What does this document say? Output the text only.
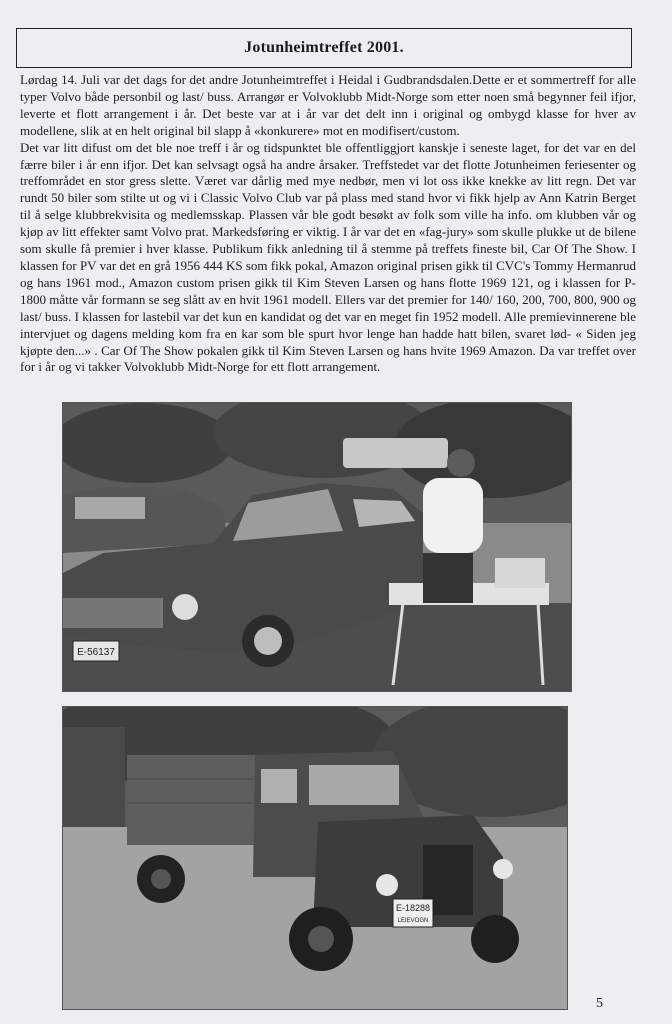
Jotunheimtreffet 2001.

Lørdag 14. Juli var det dags for det andre Jotunheimtreffet i Heidal i Gudbrandsdalen.Dette er et sommertreff for alle typer Volvo både personbil og last/ buss. Arrangør er Volvoklubb Midt-Norge som etter noen små begynner feil ifjor, leverte et flott arrangement i år. Det beste var at i år var det delt inn i original og ombygd klasse for hver av modellene, slik at en helt original bil slapp å «konkurere» mot en modifisert/custom.

Det var litt difust om det ble noe treff i år og tidspunktet ble offentliggjort kanskje i seneste laget, for det var en del færre biler i år enn ifjor. Det kan selvsagt også ha andre årsaker. Treffstedet var det flotte Jotunheimen feriesenter og treffområdet en stor gress slette. Været var dårlig med mye nedbør, men vi lot oss ikke knekke av litt regn. Det var rundt 50 biler som stilte ut og vi i Classic Volvo Club var på plass med stand hvor vi fikk hjelp av Ann Katrin Berget til å selge klubbrekvisita og medlemsskap. Plassen vår ble godt besøkt av folk som ville ha info. om klubben vår og kjøp av litt effekter samt Volvo prat. Markedsføring er viktig. I år var det en «fag-jury» som skulle plukke ut de bilene som skulle få premier i hver klasse. Publikum fikk anledning til å stemme på treffets fineste bil, Car Of The Show. I klassen for PV var det en grå 1956 444 KS som fikk pokal, Amazon original prisen gikk til CVC's Tommy Hermanrud og hans 1961 mod., Amazon custom prisen gikk til Kim Steven Larsen og hans flotte 1969 121, og i klassen for P-1800 måtte vår formann se seg slått av en hvit 1961 modell. Ellers var det premier for 140/ 160, 200, 700, 800, 900 og last/ buss. I klassen for lastebil var det kun en kandidat og det var en meget fin 1952 modell. Alle premievinnerene ble intervjuet og dagens melding kom fra en kar som ble spurt hvor lenge han hadde hatt bilen, svaret lød- « Siden jeg kjøpte den...» . Car Of The Show pokalen gikk til Kim Steven Larsen og hans hvite 1969 Amazon. Da var treffet over for i år og vi takker Volvoklubb Midt-Norge for ett flott arrangement.

E-56137
E-18288
LEIEVOGN
5
